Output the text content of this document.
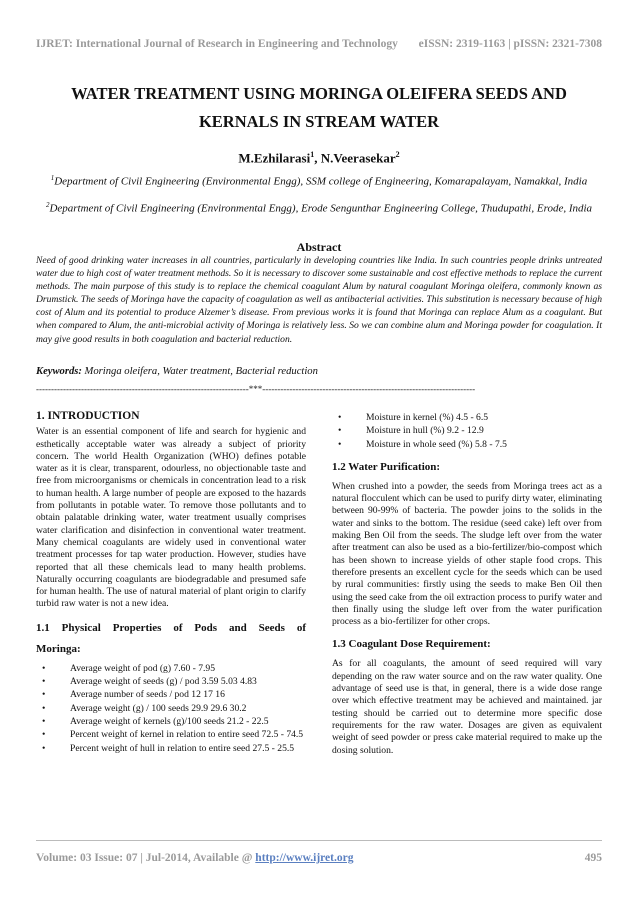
IJRET: International Journal of Research in Engineering and Technology eISSN: 2319-1163 | pISSN: 2321-7308
WATER TREATMENT USING MORINGA OLEIFERA SEEDS AND
KERNALS IN STREAM WATER
M.Ezhilarasi$^1$, N.Veerasekar$^2$
$^1$Department of Civil Engineering (Environmental Engg), SSM college of Engineering, Komarapalayam, Namakkal, India
$^2$Department of Civil Engineering (Environmental Engg), Erode Sengunthar Engineering College, Thudupathi, Erode, India
Abstract
Need of good drinking water increases in all countries, particularly in developing countries like India. In such countries people drinks untreated water due to high cost of water treatment methods. So it is necessary to discover some sustainable and cost effective methods to replace the current methods. The main purpose of this study is to replace the chemical coagulant Alum by natural coagulant Moringa oleifera, commonly known as Drumstick. The seeds of Moringa have the capacity of coagulation as well as antibacterial activities. This substitution is necessary because of high cost of Alum and its potential to produce Alzemer’s disease. From previous works it is found that Moringa can replace Alum as a coagulant. But when compared to Alum, the anti-microbial activity of Moringa is relatively less. So we can combine alum and Moringa powder for coagulation. It may give good results in both coagulation and bacterial reduction.
Keywords: Moringa oleifera, Water treatment, Bacterial reduction
-----------------------------------------------------------------------***-----------------------------------------------------------------------
1. INTRODUCTION

Water is an essential component of life and search for hygienic and esthetically acceptable water was already a subject of priority concern. The world Health Organization (WHO) defines potable water as it is clear, transparent, odourless, no objectionable taste and free from microorganisms or chemicals in concentration lead to a risk to human health. A large number of people are exposed to the hazards from pollutants in potable water. To remove those pollutants and to obtain palatable drinking water, water treatment usually comprises water clarification and disinfection in conventional water treatment. Many chemical coagulants are widely used in conventional water treatment processes for tap water production. However, studies have reported that all these chemicals lead to many health problems. Naturally occurring coagulants are biodegradable and presumed safe for human health. The use of natural material of plant origin to clarify turbid raw water is not a new idea.

1.1 Physical Properties of Pods and Seeds of
Moringa:
• Average weight of pod (g) 7.60 - 7.95
• Average weight of seeds (g) / pod 3.59 5.03 4.83
• Average number of seeds / pod 12 17 16
• Average weight (g) / 100 seeds 29.9 29.6 30.2
• Average weight of kernels (g)/100 seeds 21.2 - 22.5
• Percent weight of kernel in relation to entire seed 72.5 - 74.5
• Percent weight of hull in relation to entire seed 27.5 - 25.5
• Moisture in kernel (%) 4.5 - 6.5
• Moisture in hull (%) 9.2 - 12.9
• Moisture in whole seed (%) 5.8 - 7.5
1.2 Water Purification:

When crushed into a powder, the seeds from Moringa trees act as a natural flocculent which can be used to purify dirty water, eliminating between 90-99% of bacteria. The powder joins to the solids in the water and sinks to the bottom. The residue (seed cake) left over from making Ben Oil from the seeds. The sludge left over from the water after treatment can also be used as a bio-fertilizer/bio-compost which has been shown to increase yields of other staple food crops. This therefore presents an excellent cycle for the seeds which can be used by rural communities: firstly using the seeds to make Ben Oil then using the seed cake from the oil extraction process to purify water and then finally using the sludge left over from the water purification process as a bio-fertilizer for other crops.

1.3 Coagulant Dose Requirement:

As for all coagulants, the amount of seed required will vary depending on the raw water source and on the raw water quality. One advantage of seed use is that, in general, there is a wide dose range over which effective treatment may be achieved and maintained. jar testing should be carried out to determine more specific dose requirements for the raw water. Dosages are given as equivalent weight of seed powder or press cake material required to make up the dosing solution.

Volume: 03 Issue: 07 | Jul-2014, Available @ http://www.ijret.org	495
